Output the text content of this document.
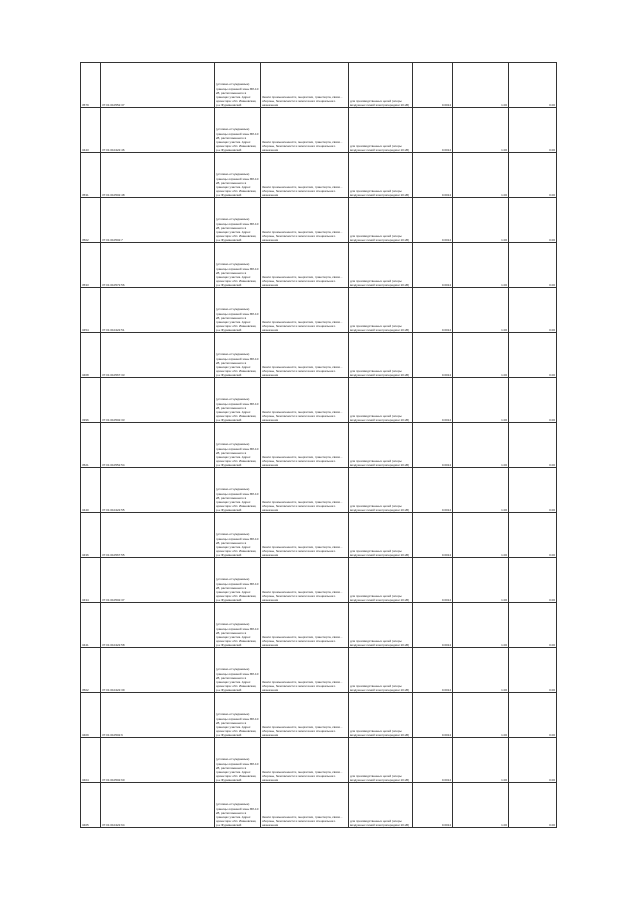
3579	37:01:010552:37	(условно-отчуждаемые) границы охранной зоны ВЛ-10 кВ, расположенного в границах участка. Адрес ориентира: обл. Ивановская, р-н Фурмановский	Земли промышленности, энергетики, транспорта, связи... обороны, безопасности и земли иного специального назначения	для производственных целей (опоры воздушных линий электропередачи 10 кВ)	0.0014	1.00	0.00
3443	37:01:010422:46	(условно-отчуждаемые) границы охранной зоны ВЛ-10 кВ, расположенного в границах участка. Адрес ориентира: обл. Ивановская, р-н Фурмановский	Земли промышленности, энергетики, транспорта, связи... обороны, безопасности и земли иного специального назначения	для производственных целей (опоры воздушных линий электропередачи 10 кВ)	0.0014	1.00	0.00
3531	37:01:010502:48	(условно-отчуждаемые) границы охранной зоны ВЛ-10 кВ, расположенного в границах участка. Адрес ориентира: обл. Ивановская, р-н Фурмановский	Земли промышленности, энергетики, транспорта, связи... обороны, безопасности и земли иного специального назначения	для производственных целей (опоры воздушных линий электропередачи 10 кВ)	0.0014	1.00	0.00
3502	37:01:010502:7	(условно-отчуждаемые) границы охранной зоны ВЛ-10 кВ, расположенного в границах участка. Адрес ориентира: обл. Ивановская, р-н Фурмановский	Земли промышленности, энергетики, транспорта, связи... обороны, безопасности и земли иного специального назначения	для производственных целей (опоры воздушных линий электропередачи 10 кВ)	0.0014	1.00	0.00
3533	37:01:010572:56	(условно-отчуждаемые) границы охранной зоны ВЛ-10 кВ, расположенного в границах участка. Адрес ориентира: обл. Ивановская, р-н Фурмановский	Земли промышленности, энергетики, транспорта, связи... обороны, безопасности и земли иного специального назначения	для производственных целей (опоры воздушных линий электропередачи 10 кВ)	0.0014	1.00	0.00
3454	37:01:010422:51	(условно-отчуждаемые) границы охранной зоны ВЛ-10 кВ, расположенного в границах участка. Адрес ориентира: обл. Ивановская, р-н Фурмановский	Земли промышленности, энергетики, транспорта, связи... обороны, безопасности и земли иного специального назначения	для производственных целей (опоры воздушных линий электропередачи 10 кВ)	0.0014	1.00	0.00
3468	37:01:010567:33	(условно-отчуждаемые) границы охранной зоны ВЛ-10 кВ, расположенного в границах участка. Адрес ориентира: обл. Ивановская, р-н Фурмановский	Земли промышленности, энергетики, транспорта, связи... обороны, безопасности и земли иного специального назначения	для производственных целей (опоры воздушных линий электропередачи 10 кВ)	0.0014	1.00	0.00
3396	37:01:010502:33	(условно-отчуждаемые) границы охранной зоны ВЛ-10 кВ, расположенного в границах участка. Адрес ориентира: обл. Ивановская, р-н Фурмановский	Земли промышленности, энергетики, транспорта, связи... обороны, безопасности и земли иного специального назначения	для производственных целей (опоры воздушных линий электропередачи 10 кВ)	0.0014	1.00	0.00
3521	37:01:010552:54	(условно-отчуждаемые) границы охранной зоны ВЛ-10 кВ, расположенного в границах участка. Адрес ориентира: обл. Ивановская, р-н Фурмановский	Земли промышленности, энергетики, транспорта, связи... обороны, безопасности и земли иного специального назначения	для производственных целей (опоры воздушных линий электропередачи 10 кВ)	0.0014	1.00	0.00
3440	37:01:010422:55	(условно-отчуждаемые) границы охранной зоны ВЛ-10 кВ, расположенного в границах участка. Адрес ориентира: обл. Ивановская, р-н Фурмановский	Земли промышленности, энергетики, транспорта, связи... обороны, безопасности и земли иного специального назначения	для производственных целей (опоры воздушных линий электропередачи 10 кВ)	0.0014	1.00	0.00
3436	37:01:010567:55	(условно-отчуждаемые) границы охранной зоны ВЛ-10 кВ, расположенного в границах участка. Адрес ориентира: обл. Ивановская, р-н Фурмановский	Земли промышленности, энергетики, транспорта, связи... обороны, безопасности и земли иного специального назначения	для производственных целей (опоры воздушных линий электропередачи 10 кВ)	0.0014	1.00	0.00
3434	37:01:010502:37	(условно-отчуждаемые) границы охранной зоны ВЛ-10 кВ, расположенного в границах участка. Адрес ориентира: обл. Ивановская, р-н Фурмановский	Земли промышленности, энергетики, транспорта, связи... обороны, безопасности и земли иного специального назначения	для производственных целей (опоры воздушных линий электропередачи 10 кВ)	0.0014	1.00	0.00
3441	37:01:010422:58	(условно-отчуждаемые) границы охранной зоны ВЛ-10 кВ, расположенного в границах участка. Адрес ориентира: обл. Ивановская, р-н Фурмановский	Земли промышленности, энергетики, транспорта, связи... обороны, безопасности и земли иного специального назначения	для производственных целей (опоры воздушных линий электропередачи 10 кВ)	0.0014	1.00	0.00
3502	37:01:010422:39	(условно-отчуждаемые) границы охранной зоны ВЛ-10 кВ, расположенного в границах участка. Адрес ориентира: обл. Ивановская, р-н Фурмановский	Земли промышленности, энергетики, транспорта, связи... обороны, безопасности и земли иного специального назначения	для производственных целей (опоры воздушных линий электропередачи 10 кВ)	0.0014	1.00	0.00
3409	37:01:010502:6	(условно-отчуждаемые) границы охранной зоны ВЛ-10 кВ, расположенного в границах участка. Адрес ориентира: обл. Ивановская, р-н Фурмановский	Земли промышленности, энергетики, транспорта, связи... обороны, безопасности и земли иного специального назначения	для производственных целей (опоры воздушных линий электропередачи 10 кВ)	0.0014	1.00	0.00
3404	37:01:010502:60	(условно-отчуждаемые) границы охранной зоны ВЛ-10 кВ, расположенного в границах участка. Адрес ориентира: обл. Ивановская, р-н Фурмановский	Земли промышленности, энергетики, транспорта, связи... обороны, безопасности и земли иного специального назначения	для производственных целей (опоры воздушных линий электропередачи 10 кВ)	0.0014	1.00	0.00
3405	37:01:010422:64	(условно-отчуждаемые) границы охранной зоны ВЛ-10 кВ, расположенного в границах участка. Адрес ориентира: обл. Ивановская, р-н Фурмановский	Земли промышленности, энергетики, транспорта, связи... обороны, безопасности и земли иного специального назначения	для производственных целей (опоры воздушных линий электропередачи 10 кВ)	0.0014	1.00	0.00
